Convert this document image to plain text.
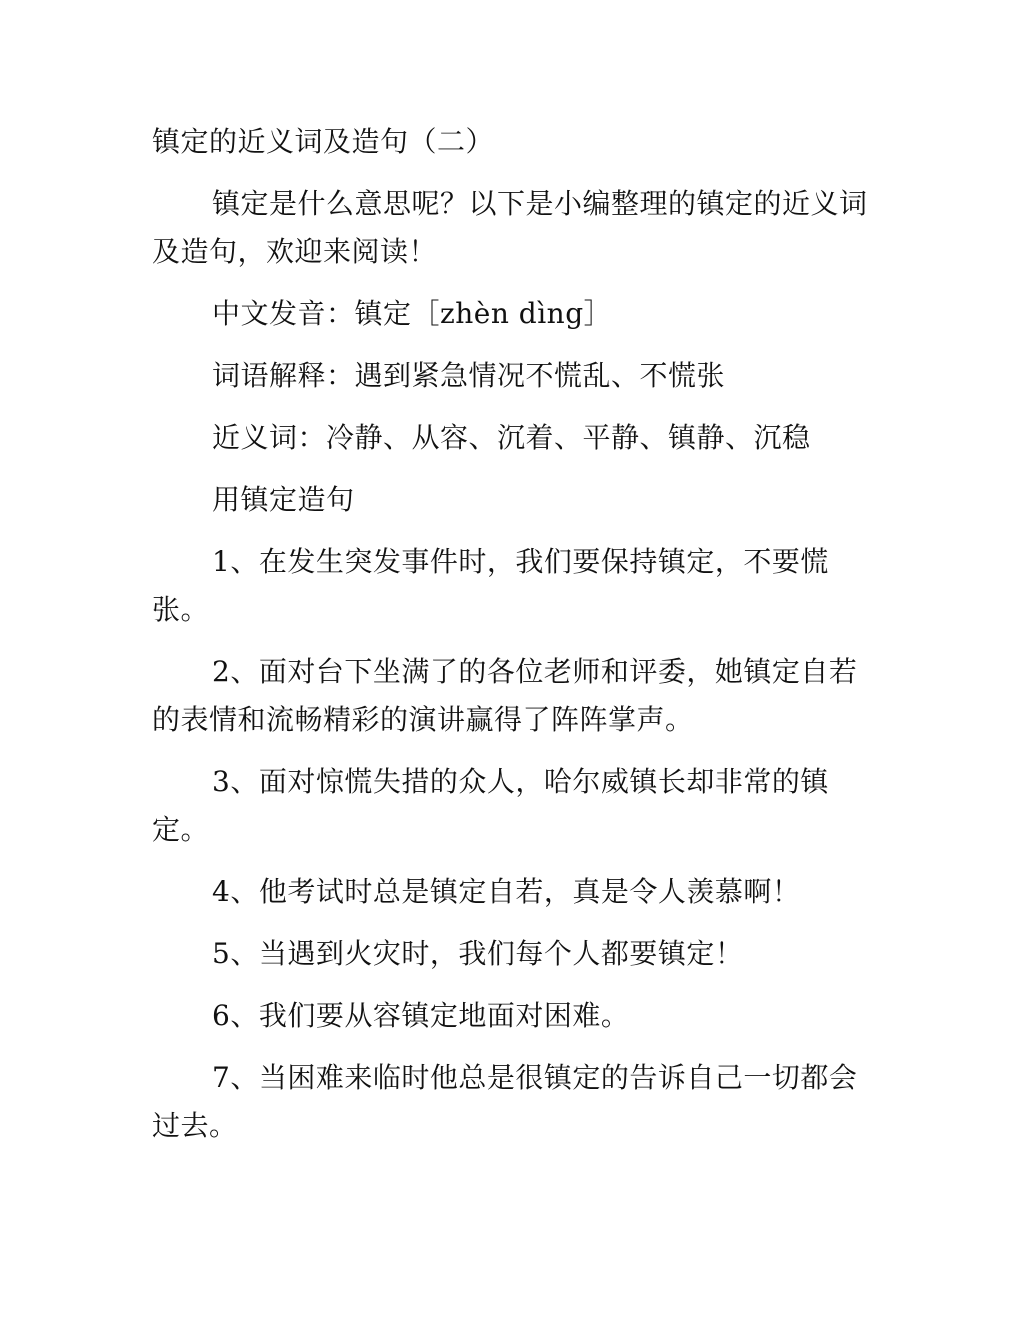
镇定的近义词及造句（二）

镇定是什么意思呢？以下是小编整理的镇定的近义词及造句，欢迎来阅读！

中文发音：镇定［zhèn dìng］

词语解释：遇到紧急情况不慌乱、不慌张

近义词：冷静、从容、沉着、平静、镇静、沉稳

用镇定造句

1、在发生突发事件时，我们要保持镇定，不要慌张。

2、面对台下坐满了的各位老师和评委，她镇定自若的表情和流畅精彩的演讲赢得了阵阵掌声。

3、面对惊慌失措的众人，哈尔威镇长却非常的镇定。

4、他考试时总是镇定自若，真是令人羡慕啊！

5、当遇到火灾时，我们每个人都要镇定！

6、我们要从容镇定地面对困难。

7、当困难来临时他总是很镇定的告诉自己一切都会过去。
